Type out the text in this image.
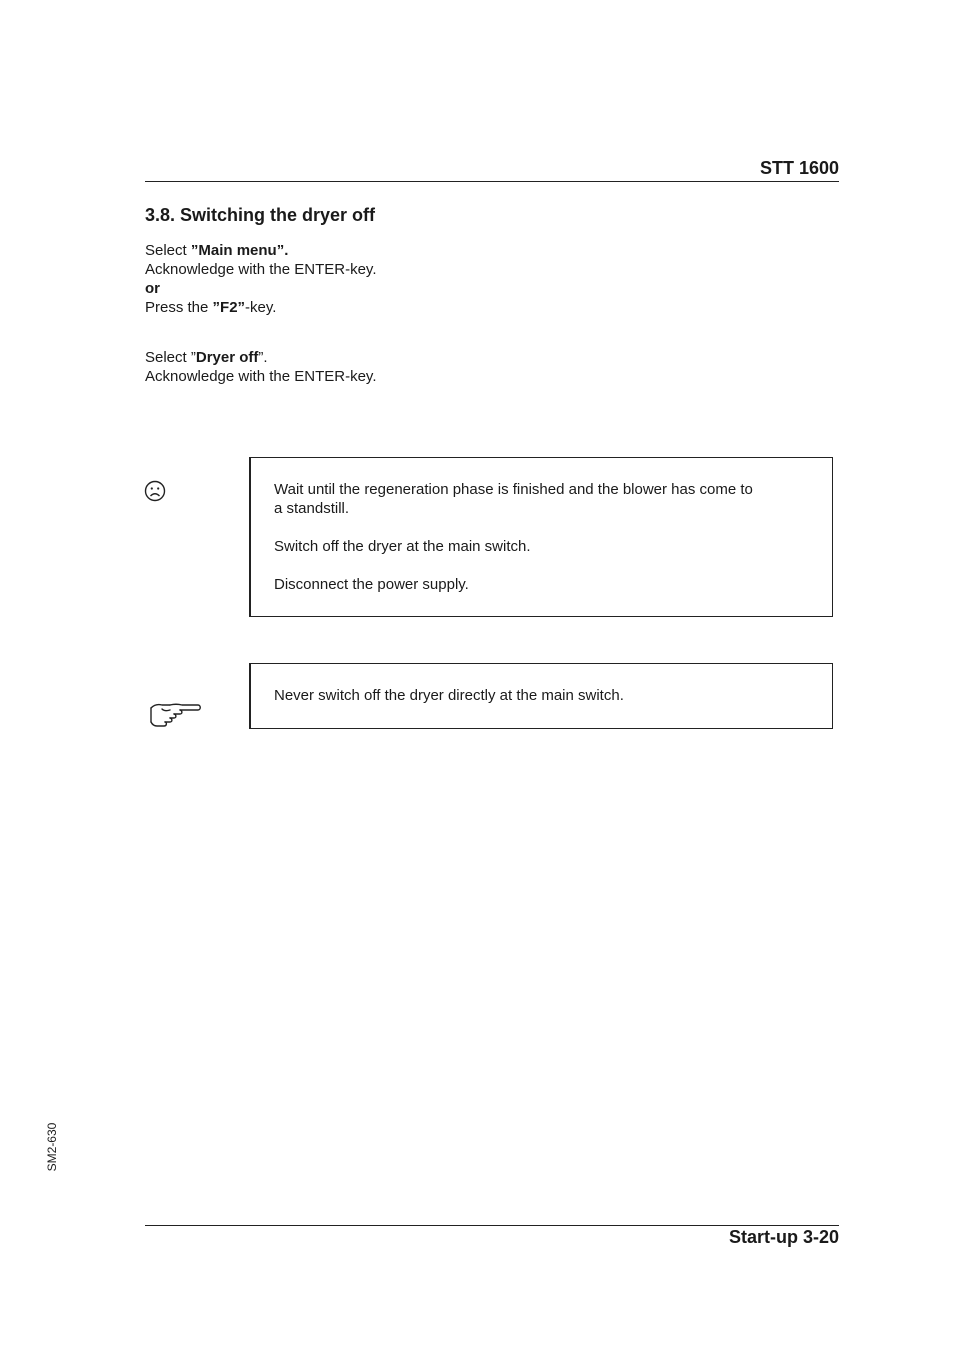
STT 1600
3.8. Switching the dryer off
Select ”Main menu”.
Acknowledge with the ENTER-key.
or
Press the ”F2”-key.
Select ”Dryer off”.
Acknowledge with the ENTER-key.

Wait until the regeneration phase is finished and the blower has come to

a standstill.

Switch off the dryer at the main switch.

Disconnect the power supply.

Never switch off the dryer directly at the main switch.

SM2-630
Start-up 3-20
